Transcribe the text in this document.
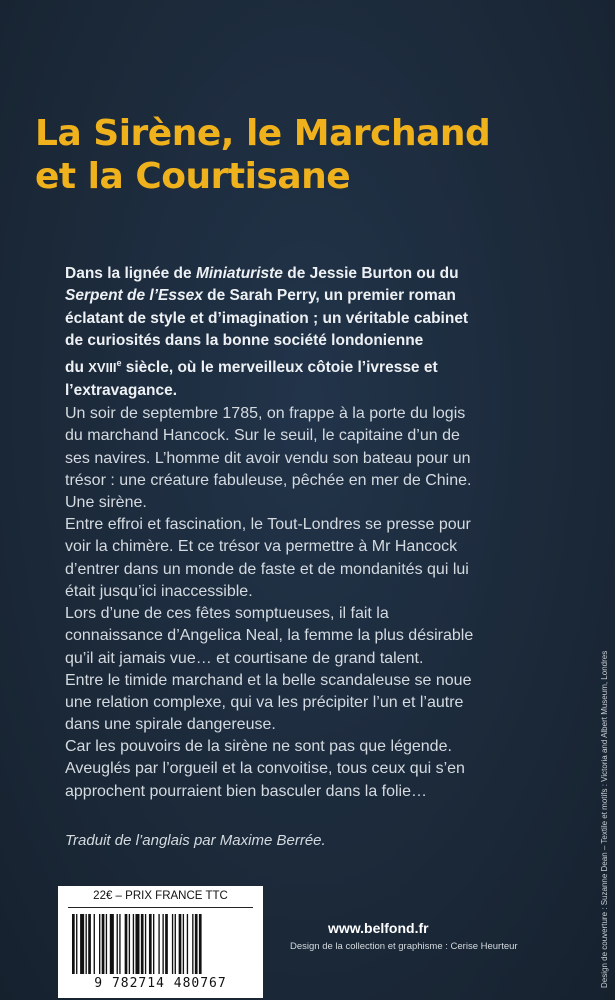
La Sirène, le Marchand
et la Courtisane
Dans la lignée de Miniaturiste de Jessie Burton ou du
Serpent de l’Essex de Sarah Perry, un premier roman
éclatant de style et d’imagination ; un véritable cabinet
de curiosités dans la bonne société londonienne
du XVIIIe siècle, où le merveilleux côtoie l’ivresse et
l’extravagance.
Un soir de septembre 1785, on frappe à la porte du logis
du marchand Hancock. Sur le seuil, le capitaine d’un de
ses navires. L’homme dit avoir vendu son bateau pour un
trésor : une créature fabuleuse, pêchée en mer de Chine.
Une sirène.
Entre effroi et fascination, le Tout-Londres se presse pour
voir la chimère. Et ce trésor va permettre à Mr Hancock
d’entrer dans un monde de faste et de mondanités qui lui
était jusqu’ici inaccessible.
Lors d’une de ces fêtes somptueuses, il fait la
connaissance d’Angelica Neal, la femme la plus désirable
qu’il ait jamais vue… et courtisane de grand talent.
Entre le timide marchand et la belle scandaleuse se noue
une relation complexe, qui va les précipiter l’un et l’autre
dans une spirale dangereuse.
Car les pouvoirs de la sirène ne sont pas que légende.
Aveuglés par l’orgueil et la convoitise, tous ceux qui s’en
approchent pourraient bien basculer dans la folie…
Traduit de l’anglais par Maxime Berrée.
22€ – PRIX FRANCE TTC
9 782714 480767
www.belfond.fr
Design de la collection et graphisme : Cerise Heurteur	Design de couverture : Suzanne Dean – Textile et motifs : Victoria and Albert Museum, Londres
